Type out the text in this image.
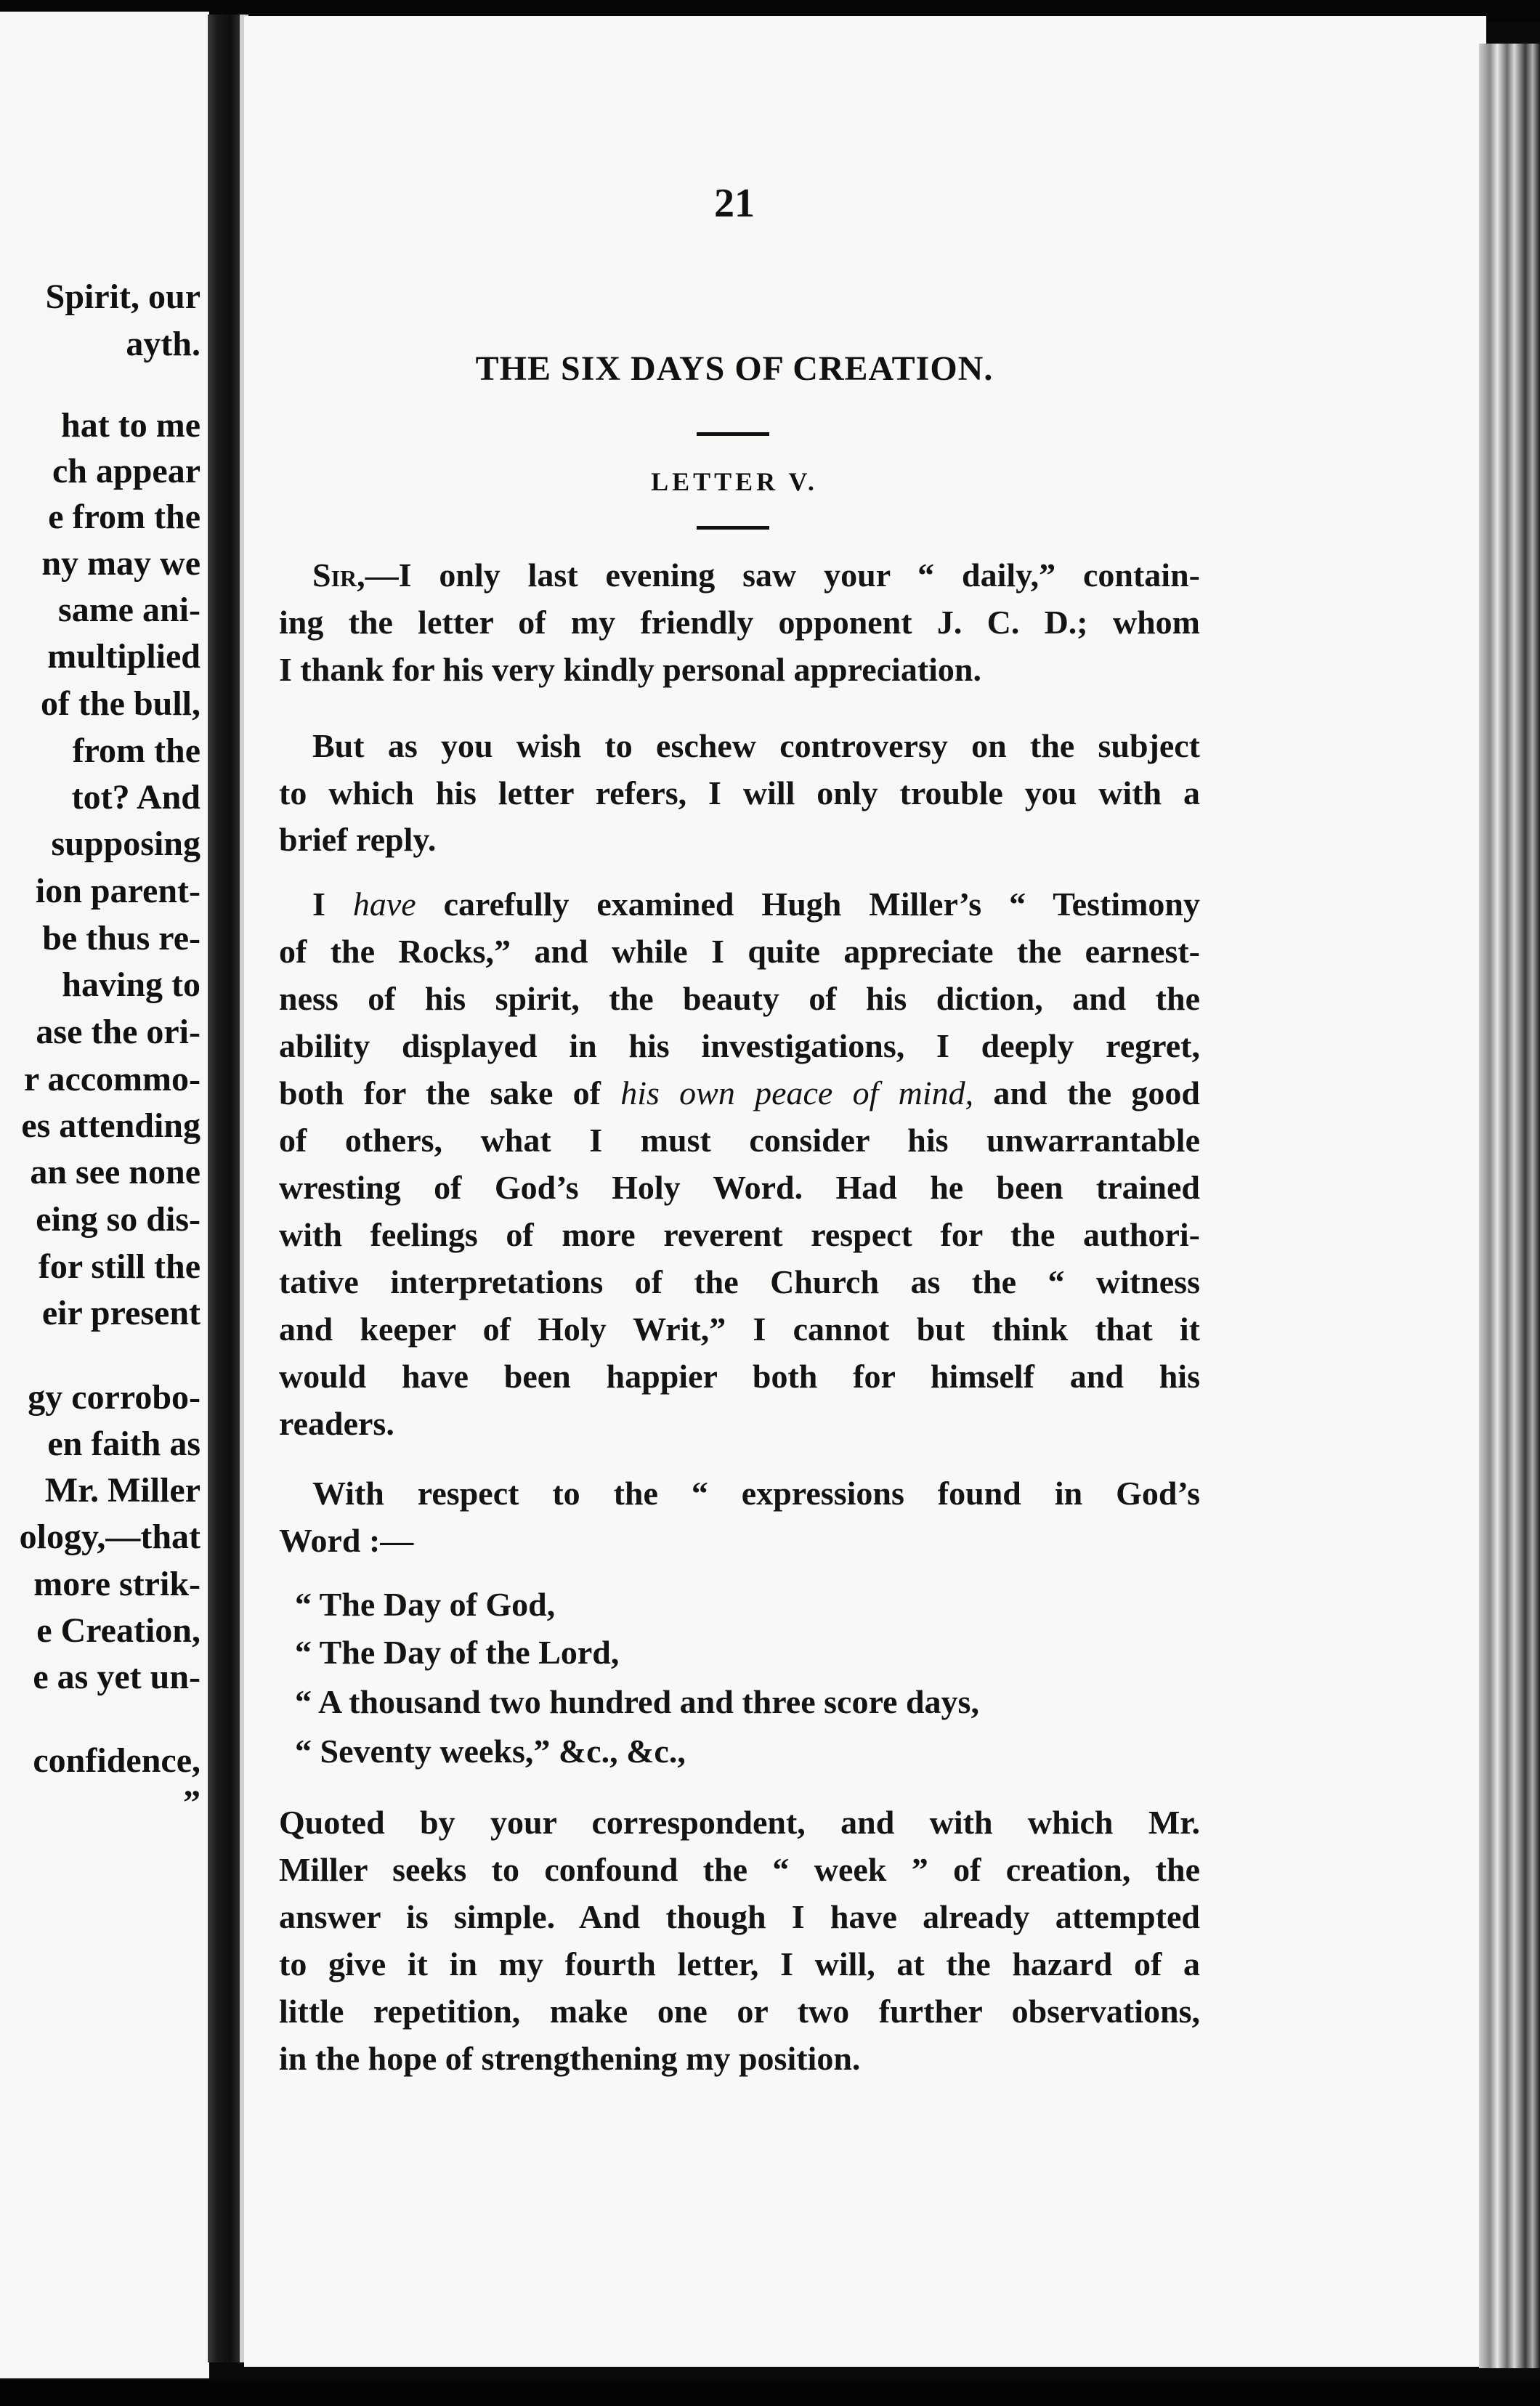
Spirit, our
ayth.
hat to me
ch appear
e from the
ny may we
same ani-
multiplied
of the bull,
from the
tot? And
supposing
ion parent-
be thus re-
having to
ase the ori-
r accommo-
es attending
an see none
eing so dis-
for still the
eir present
gy corrobo-
en faith as
Mr. Miller
ology,—that
more strik-
e Creation,
e as yet un-
confidence,
”
21
THE SIX DAYS OF CREATION.
LETTER V.
Sir,—I only last evening saw your “ daily,” contain-
ing the letter of my friendly opponent J. C. D.; whom
I thank for his very kindly personal appreciation.
But as you wish to eschew controversy on the subject
to which his letter refers, I will only trouble you with a
brief reply.
I have carefully examined Hugh Miller’s “ Testimony
of the Rocks,” and while I quite appreciate the earnest-
ness of his spirit, the beauty of his diction, and the
ability displayed in his investigations, I deeply regret,
both for the sake of his own peace of mind, and the good
of others, what I must consider his unwarrantable
wresting of God’s Holy Word. Had he been trained
with feelings of more reverent respect for the authori-
tative interpretations of the Church as the “ witness
and keeper of Holy Writ,” I cannot but think that it
would have been happier both for himself and his
readers.
With respect to the “ expressions found in God’s
Word :—
“ The Day of God,
“ The Day of the Lord,
“ A thousand two hundred and three score days,
“ Seventy weeks,” &c., &c.,
Quoted by your correspondent, and with which Mr.
Miller seeks to confound the “ week ” of creation, the
answer is simple. And though I have already attempted
to give it in my fourth letter, I will, at the hazard of a
little repetition, make one or two further observations,
in the hope of strengthening my position.
